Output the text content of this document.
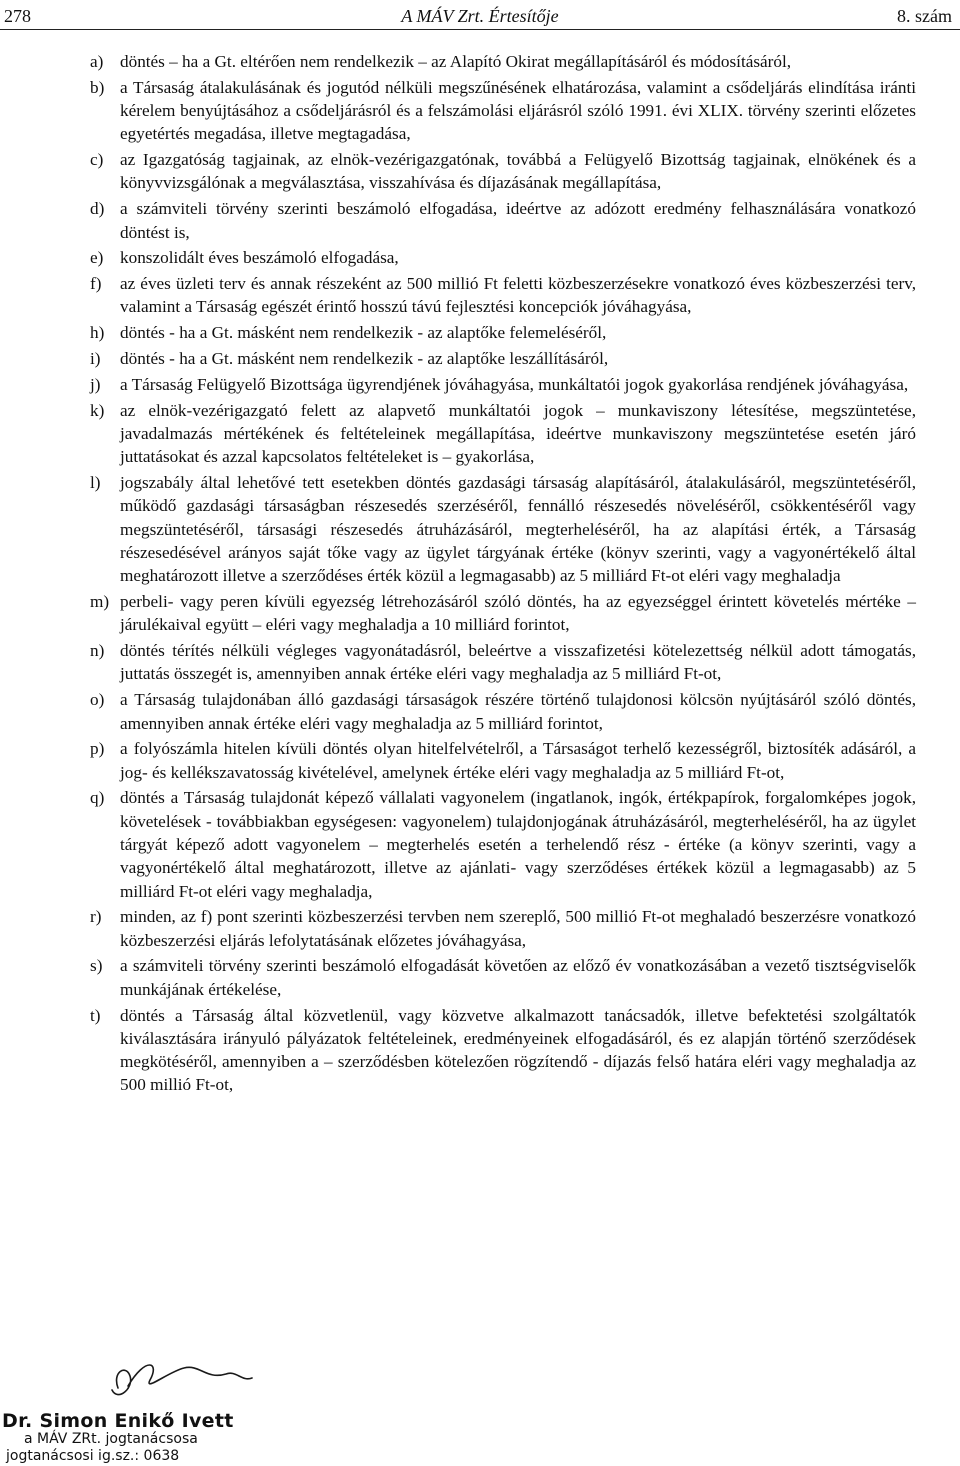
278	A MÁV Zrt. Értesítője	8. szám
a) döntés – ha a Gt. eltérően nem rendelkezik – az Alapító Okirat megállapításáról és módosításáról,
b) a Társaság átalakulásának és jogutód nélküli megszűnésének elhatározása, valamint a csődeljárás elindítása iránti kérelem benyújtásához a csődeljárásról és a felszámolási eljárásról szóló 1991. évi XLIX. törvény szerinti előzetes egyetértés megadása, illetve megtagadása,
c) az Igazgatóság tagjainak, az elnök-vezérigazgatónak, továbbá a Felügyelő Bizottság tagjainak, elnökének és a könyvvizsgálónak a megválasztása, visszahívása és díjazásának megállapítása,
d) a számviteli törvény szerinti beszámoló elfogadása, ideértve az adózott eredmény felhasználására vonatkozó döntést is,
e) konszolidált éves beszámoló elfogadása,
f) az éves üzleti terv és annak részeként az 500 millió Ft feletti közbeszerzésekre vonatkozó éves közbeszerzési terv, valamint a Társaság egészét érintő hosszú távú fejlesztési koncepciók jóváhagyása,
h) döntés - ha a Gt. másként nem rendelkezik - az alaptőke felemeléséről,
i) döntés - ha a Gt. másként nem rendelkezik - az alaptőke leszállításáról,
j) a Társaság Felügyelő Bizottsága ügyrendjének jóváhagyása, munkáltatói jogok gyakorlása rendjének jóváhagyása,
k) az elnök-vezérigazgató felett az alapvető munkáltatói jogok – munkaviszony létesítése, megszüntetése, javadalmazás mértékének és feltételeinek megállapítása, ideértve munkaviszony megszüntetése esetén járó juttatásokat és azzal kapcsolatos feltételeket is – gyakorlása,
l) jogszabály által lehetővé tett esetekben döntés gazdasági társaság alapításáról, átalakulásáról, megszüntetéséről, működő gazdasági társaságban részesedés szerzéséről, fennálló részesedés növeléséről, csökkentéséről vagy megszüntetéséről, társasági részesedés átruházásáról, megterheléséről, ha az alapítási érték, a Társaság részesedésével arányos saját tőke vagy az ügylet tárgyának értéke (könyv szerinti, vagy a vagyonértékelő által meghatározott illetve a szerződéses érték közül a legmagasabb) az 5 milliárd Ft-ot eléri vagy meghaladja
m) perbeli- vagy peren kívüli egyezség létrehozásáról szóló döntés, ha az egyezséggel érintett követelés mértéke – járulékaival együtt – eléri vagy meghaladja a 10 milliárd forintot,
n) döntés térítés nélküli végleges vagyonátadásról, beleértve a visszafizetési kötelezettség nélkül adott támogatás, juttatás összegét is, amennyiben annak értéke eléri vagy meghaladja az 5 milliárd Ft-ot,
o) a Társaság tulajdonában álló gazdasági társaságok részére történő tulajdonosi kölcsön nyújtásáról szóló döntés, amennyiben annak értéke eléri vagy meghaladja az 5 milliárd forintot,
p) a folyószámla hitelen kívüli döntés olyan hitelfelvételről, a Társaságot terhelő kezességről, biztosíték adásáról, a jog- és kellékszavatosság kivételével, amelynek értéke eléri vagy meghaladja az 5 milliárd Ft-ot,
q) döntés a Társaság tulajdonát képező vállalati vagyonelem (ingatlanok, ingók, értékpapírok, forgalomképes jogok, követelések - továbbiakban egységesen: vagyonelem) tulajdonjogának átruházásáról, megterheléséről, ha az ügylet tárgyát képező adott vagyonelem – megterhelés esetén a terhelendő rész - értéke (a könyv szerinti, vagy a vagyonértékelő által meghatározott, illetve az ajánlati- vagy szerződéses értékek közül a legmagasabb) az 5 milliárd Ft-ot eléri vagy meghaladja,
r) minden, az f) pont szerinti közbeszerzési tervben nem szereplő, 500 millió Ft-ot meghaladó beszerzésre vonatkozó közbeszerzési eljárás lefolytatásának előzetes jóváhagyása,
s) a számviteli törvény szerinti beszámoló elfogadását követően az előző év vonatkozásában a vezető tisztségviselők munkájának értékelése,
t) döntés a Társaság által közvetlenül, vagy közvetve alkalmazott tanácsadók, illetve befektetési szolgáltatók kiválasztására irányuló pályázatok feltételeinek, eredményeinek elfogadásáról, és ez alapján történő szerződések megkötéséről, amennyiben a – szerződésben kötelezően rögzítendő - díjazás felső határa eléri vagy meghaladja az 500 millió Ft-ot,
Dr. Simon Enikő Ivett
a MÁV ZRt. jogtanácsosa
jogtanácsosi ig.sz.: 0638
